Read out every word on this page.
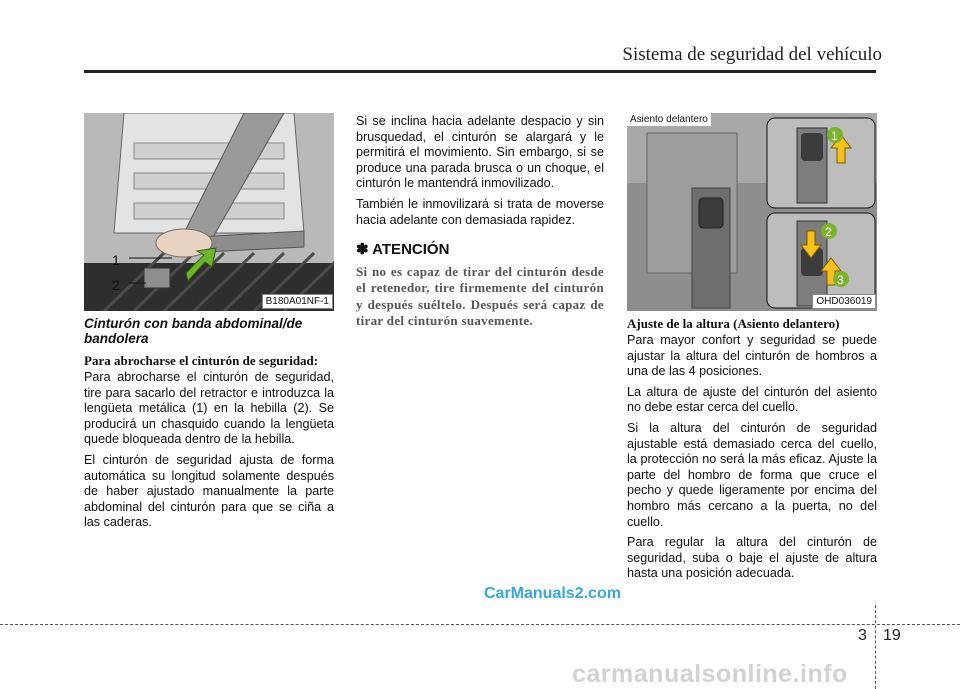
Sistema de seguridad del vehículo
1
2
B180A01NF-1
Cinturón con banda abdominal/de bandolera
Para abrocharse el cinturón de seguridad:

Para abrocharse el cinturón de seguridad, tire para sacarlo del retractor e introduzca la lengüeta metálica (1) en la hebilla (2). Se producirá un chasquido cuando la lengüeta quede bloqueada dentro de la hebilla.

El cinturón de seguridad ajusta de forma automática su longitud solamente después de haber ajustado manualmente la parte abdominal del cinturón para que se ciña a las caderas.

Si se inclina hacia adelante despacio y sin brusquedad, el cinturón se alargará y le permitirá el movimiento. Sin embargo, si se produce una parada brusca o un choque, el cinturón le mantendrá inmovilizado.

También le inmovilizará si trata de moverse hacia adelante con demasiada rapidez.

✽ ATENCIÓN

Si no es capaz de tirar del cinturón desde el retenedor, tire firmemente del cinturón y después suéltelo. Después será capaz de tirar del cinturón suavemente.

1
2
3
Asiento delantero
OHD036019
Ajuste de la altura (Asiento delantero)

Para mayor confort y seguridad se puede ajustar la altura del cinturón de hombros a una de las 4 posiciones.

La altura de ajuste del cinturón del asiento no debe estar cerca del cuello.

Si la altura del cinturón de seguridad ajustable está demasiado cerca del cuello, la protección no será la más eficaz. Ajuste la parte del hombro de forma que cruce el pecho y quede ligeramente por encima del hombro más cercano a la puerta, no del cuello.

Para regular la altura del cinturón de seguridad, suba o baje el ajuste de altura hasta una posición adecuada.

CarManuals2.com
3 19
carmanualsonline.info
